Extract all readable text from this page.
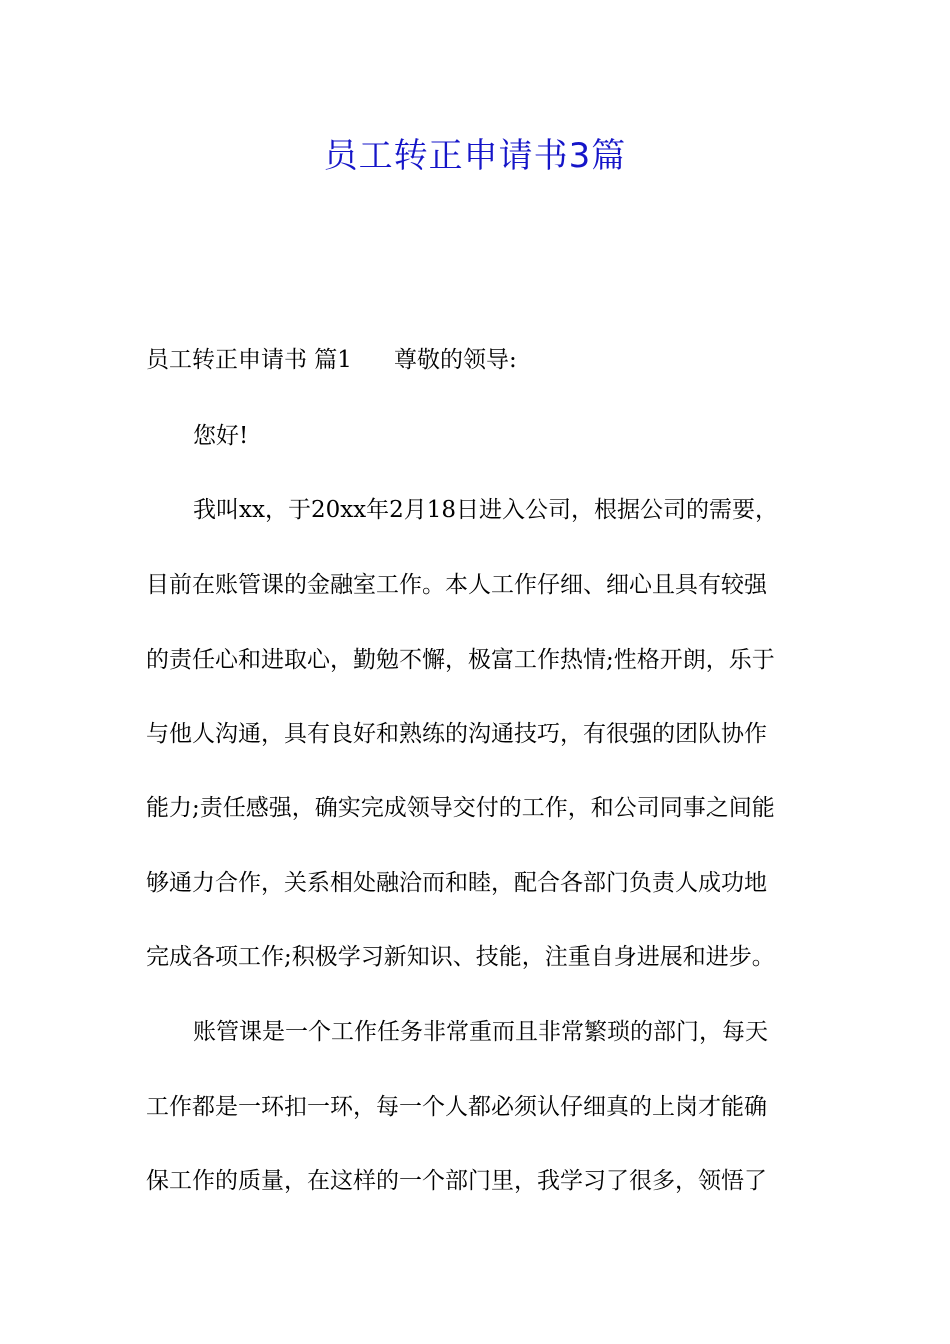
员工转正申请书3篇
员工转正申请书 篇1 尊敬的领导:
您好!
我叫xx，于20xx年2月18日进入公司，根据公司的需要，
目前在账管课的金融室工作。本人工作仔细、细心且具有较强
的责任心和进取心，勤勉不懈，极富工作热情;性格开朗，乐于
与他人沟通，具有良好和熟练的沟通技巧，有很强的团队协作
能力;责任感强，确实完成领导交付的工作，和公司同事之间能
够通力合作，关系相处融洽而和睦，配合各部门负责人成功地
完成各项工作;积极学习新知识、技能，注重自身进展和进步。
账管课是一个工作任务非常重而且非常繁琐的部门，每天
工作都是一环扣一环，每一个人都必须认仔细真的上岗才能确
保工作的质量，在这样的一个部门里，我学习了很多，领悟了
